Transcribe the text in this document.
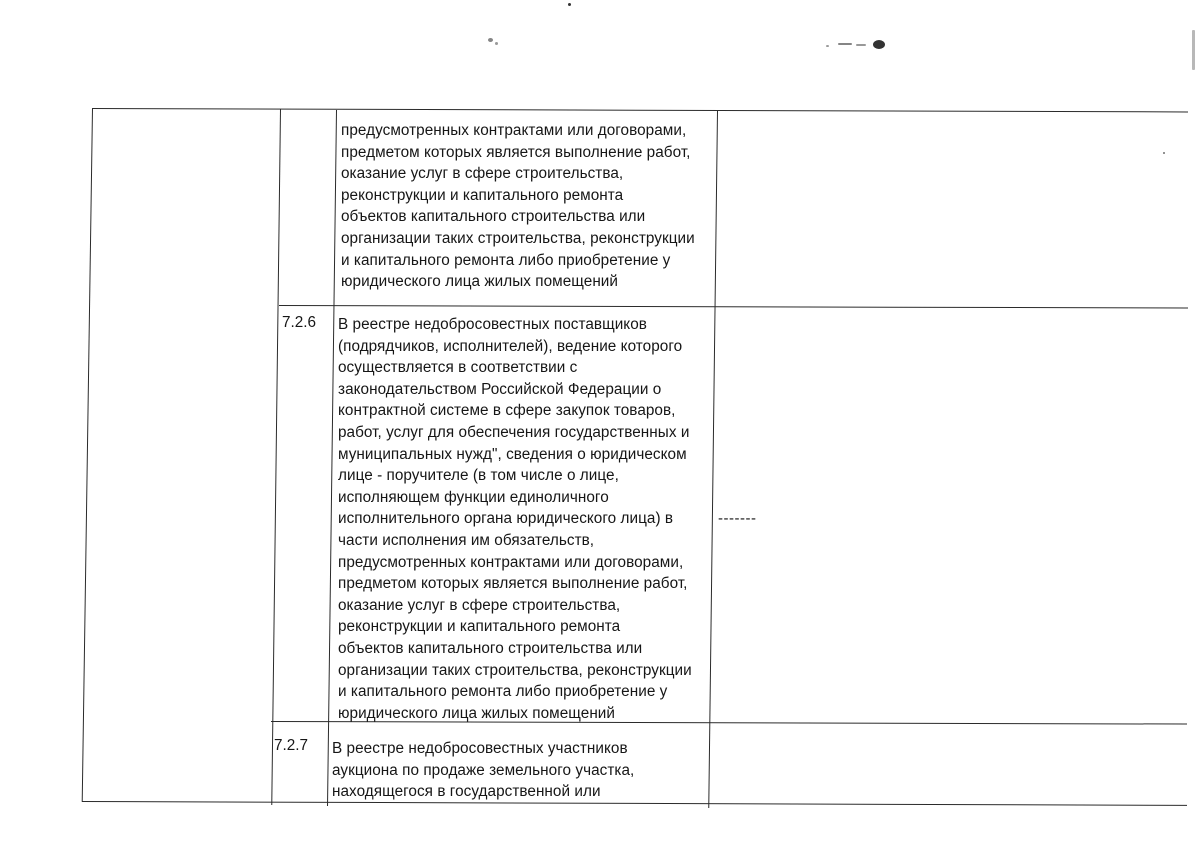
предусмотренных контрактами или договорами,
предметом которых является выполнение работ,
оказание услуг в сфере строительства,
реконструкции и капитального ремонта
объектов капитального строительства или
организации таких строительства, реконструкции
и капитального ремонта либо приобретение у
юридического лица жилых помещений
7.2.6 В реестре недобросовестных поставщиков
(подрядчиков, исполнителей), ведение которого
осуществляется в соответствии с
законодательством Российской Федерации о
контрактной системе в сфере закупок товаров,
работ, услуг для обеспечения государственных и
муниципальных нужд", сведения о юридическом
лице - поручителе (в том числе о лице,
исполняющем функции единоличного
исполнительного органа юридического лица) в
части исполнения им обязательств,
предусмотренных контрактами или договорами,
предметом которых является выполнение работ,
оказание услуг в сфере строительства,
реконструкции и капитального ремонта
объектов капитального строительства или
организации таких строительства, реконструкции
и капитального ремонта либо приобретение у
юридического лица жилых помещений
-------
7.2.7 В реестре недобросовестных участников
аукциона по продаже земельного участка,
находящегося в государственной или
